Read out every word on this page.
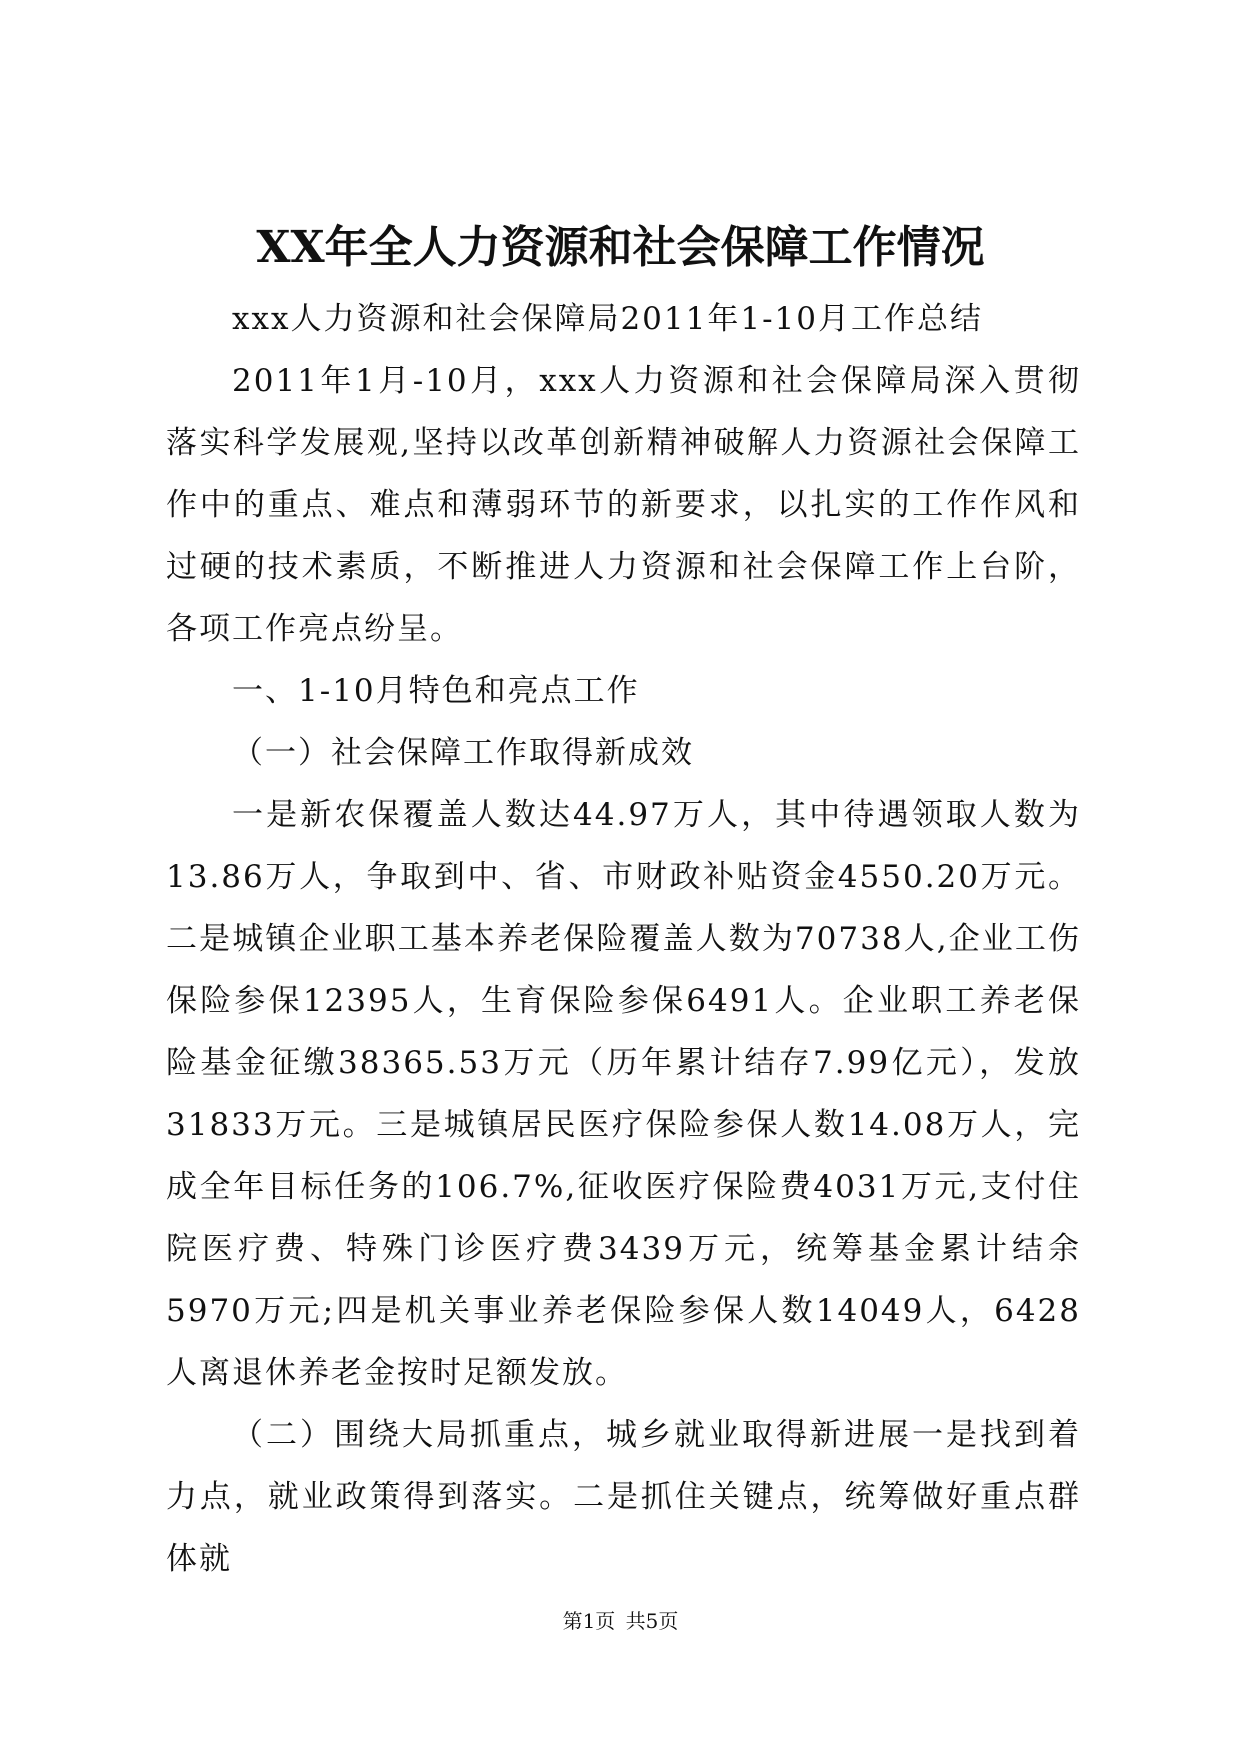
XX年全人力资源和社会保障工作情况

xxx人力资源和社会保障局2011年1-10月工作总结

2011年1月-10月，xxx人力资源和社会保障局深入贯彻落实科学发展观,坚持以改革创新精神破解人力资源社会保障工作中的重点、难点和薄弱环节的新要求，以扎实的工作作风和过硬的技术素质，不断推进人力资源和社会保障工作上台阶，各项工作亮点纷呈。

一、1-10月特色和亮点工作

（一）社会保障工作取得新成效

一是新农保覆盖人数达44.97万人，其中待遇领取人数为13.86万人，争取到中、省、市财政补贴资金4550.20万元。二是城镇企业职工基本养老保险覆盖人数为70738人,企业工伤保险参保12395人，生育保险参保6491人。企业职工养老保险基金征缴38365.53万元（历年累计结存7.99亿元），发放31833万元。三是城镇居民医疗保险参保人数14.08万人，完成全年目标任务的106.7%,征收医疗保险费4031万元,支付住院医疗费、特殊门诊医疗费3439万元，统筹基金累计结余5970万元;四是机关事业养老保险参保人数14049人，6428人离退休养老金按时足额发放。

（二）围绕大局抓重点，城乡就业取得新进展一是找到着力点，就业政策得到落实。二是抓住关键点，统筹做好重点群体就

第1页 共5页
